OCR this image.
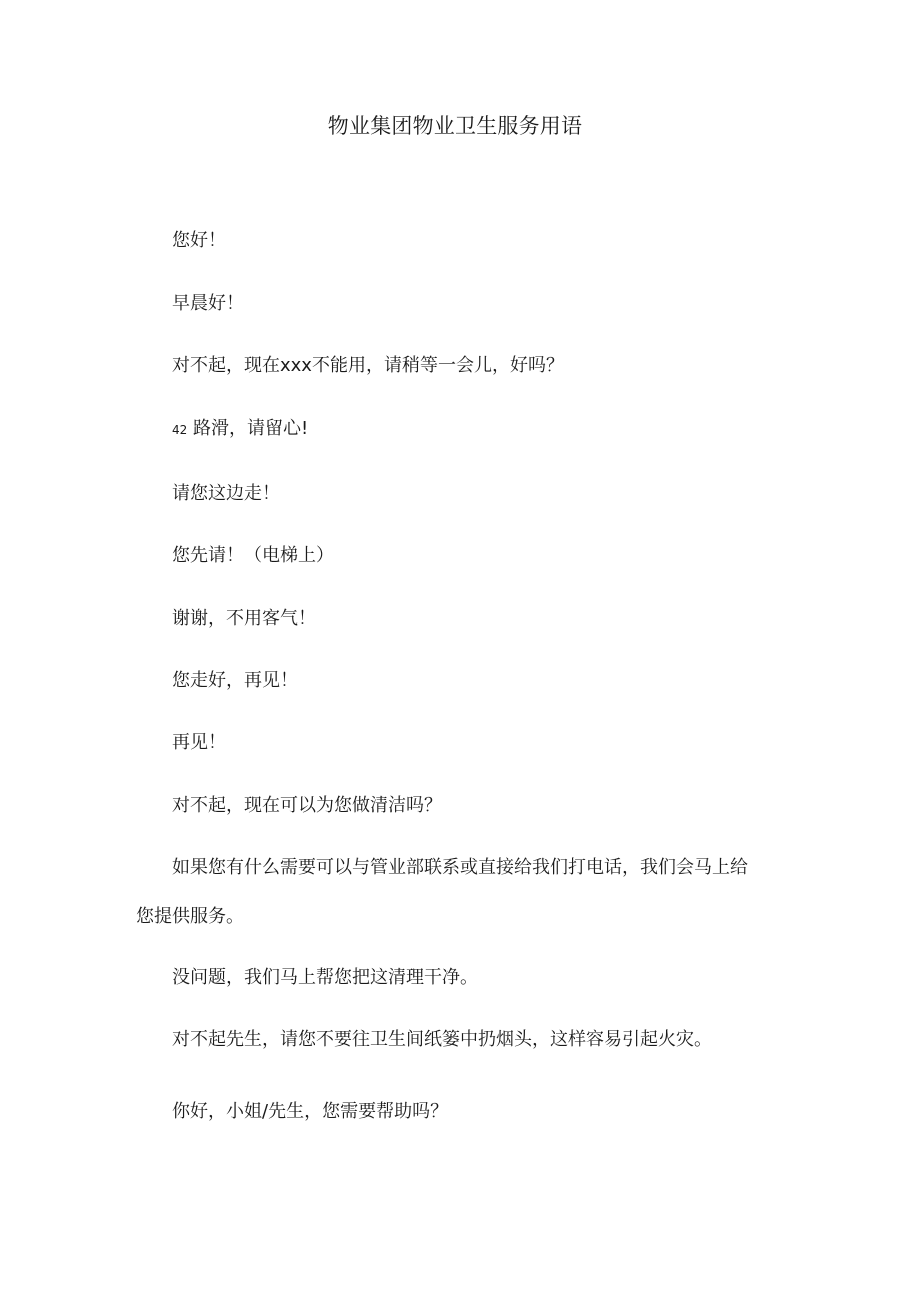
物业集团物业卫生服务用语

您好！

早晨好！

对不起，现在xxx不能用，请稍等一会儿，好吗？

42 路滑，请留心!

请您这边走！

您先请！（电梯上）

谢谢，不用客气！

您走好，再见！

再见！

对不起，现在可以为您做清洁吗？

如果您有什么需要可以与管业部联系或直接给我们打电话，我们会马上给

您提供服务。

没问题，我们马上帮您把这清理干净。

对不起先生，请您不要往卫生间纸篓中扔烟头，这样容易引起火灾。

你好，小姐/先生，您需要帮助吗？
